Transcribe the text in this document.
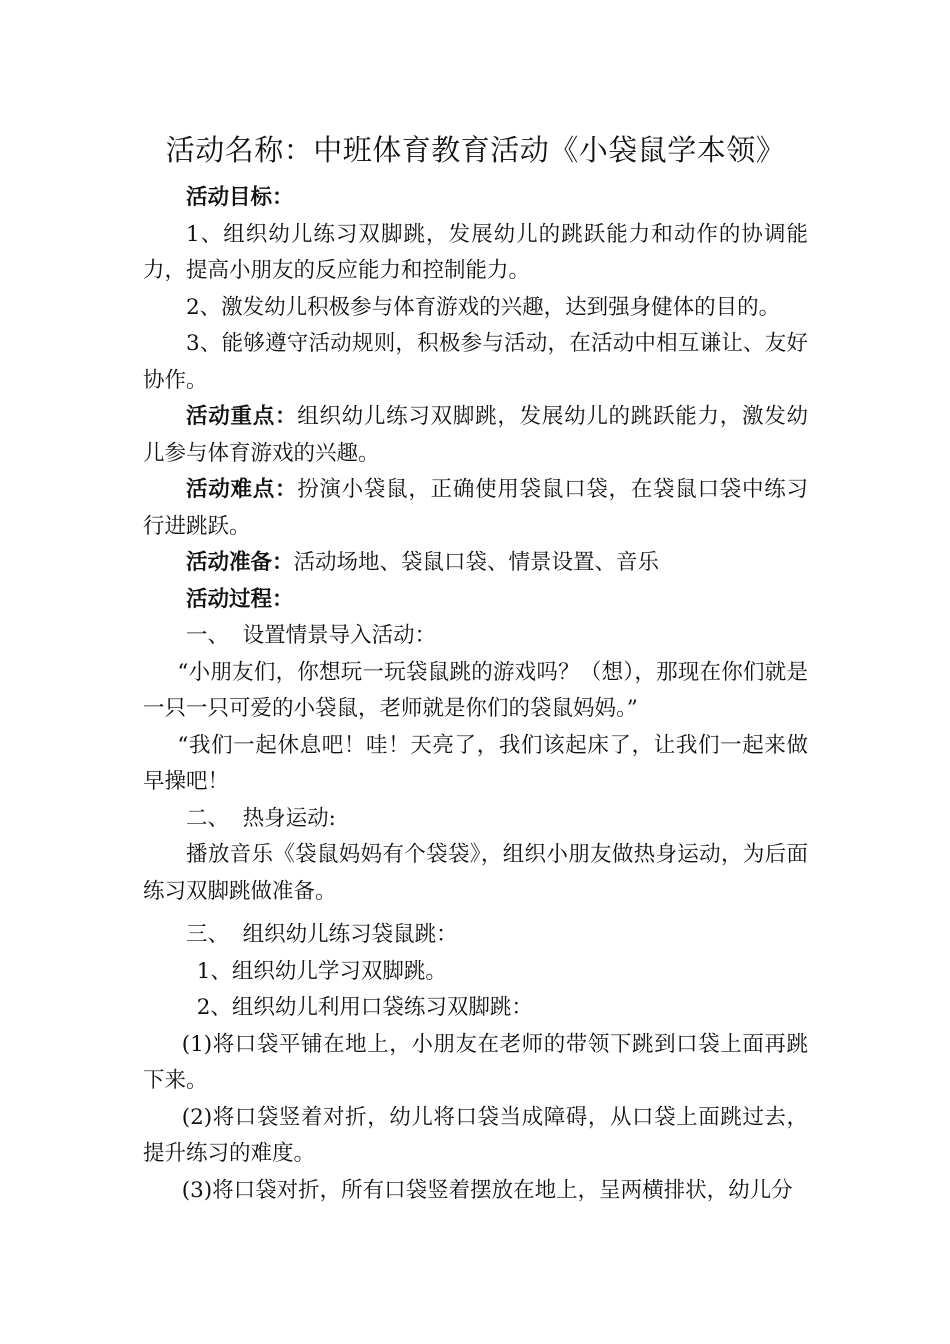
活动名称：中班体育教育活动《小袋鼠学本领》

活动目标：

1、组织幼儿练习双脚跳，发展幼儿的跳跃能力和动作的协调能力，提高小朋友的反应能力和控制能力。

2、激发幼儿积极参与体育游戏的兴趣，达到强身健体的目的。

3、能够遵守活动规则，积极参与活动，在活动中相互谦让、友好协作。

活动重点：组织幼儿练习双脚跳，发展幼儿的跳跃能力，激发幼儿参与体育游戏的兴趣。

活动难点：扮演小袋鼠，正确使用袋鼠口袋，在袋鼠口袋中练习行进跳跃。

活动准备：活动场地、袋鼠口袋、情景设置、音乐

活动过程：

一、  设置情景导入活动：

“小朋友们，你想玩一玩袋鼠跳的游戏吗？（想），那现在你们就是一只一只可爱的小袋鼠，老师就是你们的袋鼠妈妈。”

“我们一起休息吧！哇！天亮了，我们该起床了，让我们一起来做早操吧！

二、  热身运动:

播放音乐《袋鼠妈妈有个袋袋》，组织小朋友做热身运动，为后面练习双脚跳做准备。

三、  组织幼儿练习袋鼠跳：

1、组织幼儿学习双脚跳。

2、组织幼儿利用口袋练习双脚跳：

(1)将口袋平铺在地上，小朋友在老师的带领下跳到口袋上面再跳下来。

(2)将口袋竖着对折，幼儿将口袋当成障碍，从口袋上面跳过去，提升练习的难度。

(3)将口袋对折，所有口袋竖着摆放在地上，呈两横排状，幼儿分
